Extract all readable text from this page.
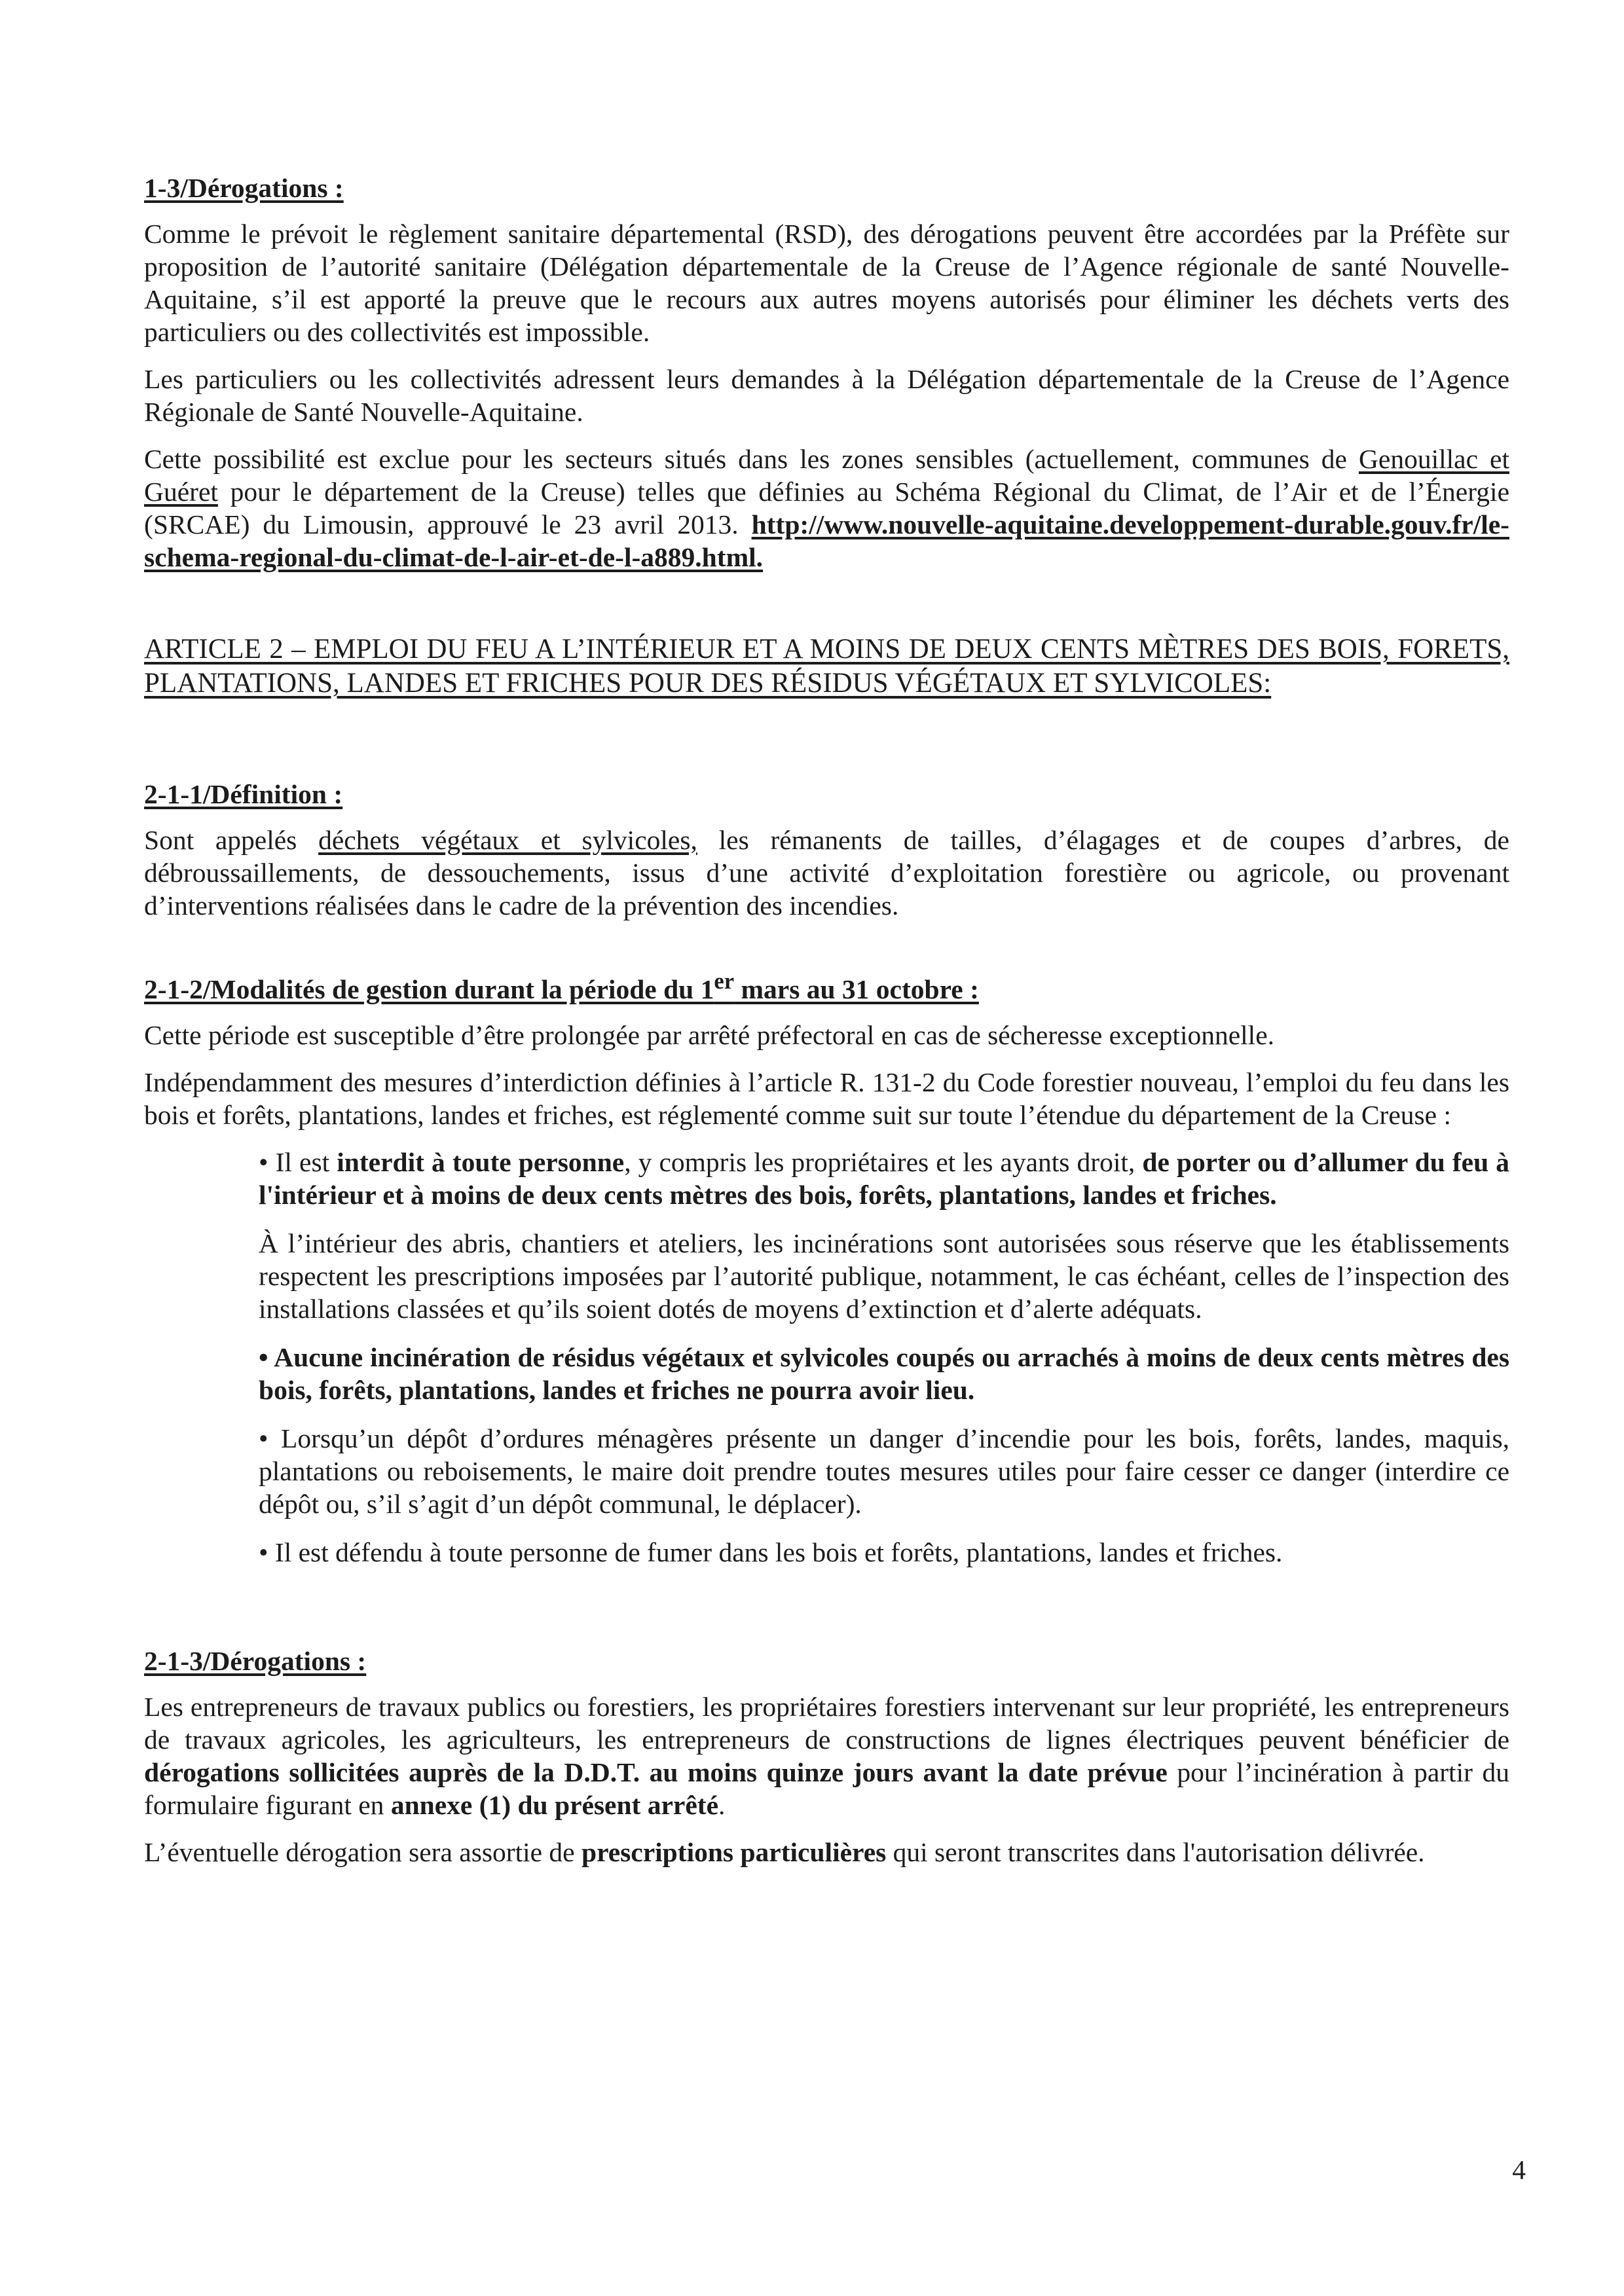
1-3/Dérogations :

Comme le prévoit le règlement sanitaire départemental (RSD), des dérogations peuvent être accordées par la Préfète sur proposition de l’autorité sanitaire (Délégation départementale de la Creuse de l’Agence régionale de santé Nouvelle-Aquitaine, s’il est apporté la preuve que le recours aux autres moyens autorisés pour éliminer les déchets verts des particuliers ou des collectivités est impossible.

Les particuliers ou les collectivités adressent leurs demandes à la Délégation départementale de la Creuse de l’Agence Régionale de Santé Nouvelle-Aquitaine.

Cette possibilité est exclue pour les secteurs situés dans les zones sensibles (actuellement, communes de Genouillac et Guéret pour le département de la Creuse) telles que définies au Schéma Régional du Climat, de l’Air et de l’Énergie (SRCAE) du Limousin, approuvé le 23 avril 2013. http://www.nouvelle-aquitaine.developpement-durable.gouv.fr/le-schema-regional-du-climat-de-l-air-et-de-l-a889.html.

ARTICLE 2 – EMPLOI DU FEU A L’INTÉRIEUR ET A MOINS DE DEUX CENTS MÈTRES DES BOIS, FORETS, PLANTATIONS, LANDES ET FRICHES POUR DES RÉSIDUS VÉGÉTAUX ET SYLVICOLES:
2-1-1/Définition :

Sont appelés déchets végétaux et sylvicoles, les rémanents de tailles, d’élagages et de coupes d’arbres, de débroussaillements, de dessouchements, issus d’une activité d’exploitation forestière ou agricole, ou provenant d’interventions réalisées dans le cadre de la prévention des incendies.

2-1-2/Modalités de gestion durant la période du 1er mars au 31 octobre :

Cette période est susceptible d’être prolongée par arrêté préfectoral en cas de sécheresse exceptionnelle.

Indépendamment des mesures d’interdiction définies à l’article R. 131-2 du Code forestier nouveau, l’emploi du feu dans les bois et forêts, plantations, landes et friches, est réglementé comme suit sur toute l’étendue du département de la Creuse :

• Il est interdit à toute personne, y compris les propriétaires et les ayants droit, de porter ou d’allumer du feu à l'intérieur et à moins de deux cents mètres des bois, forêts, plantations, landes et friches.

À l’intérieur des abris, chantiers et ateliers, les incinérations sont autorisées sous réserve que les établissements respectent les prescriptions imposées par l’autorité publique, notamment, le cas échéant, celles de l’inspection des installations classées et qu’ils soient dotés de moyens d’extinction et d’alerte adéquats.

• Aucune incinération de résidus végétaux et sylvicoles coupés ou arrachés à moins de deux cents mètres des bois, forêts, plantations, landes et friches ne pourra avoir lieu.

• Lorsqu’un dépôt d’ordures ménagères présente un danger d’incendie pour les bois, forêts, landes, maquis, plantations ou reboisements, le maire doit prendre toutes mesures utiles pour faire cesser ce danger (interdire ce dépôt ou, s’il s’agit d’un dépôt communal, le déplacer).

• Il est défendu à toute personne de fumer dans les bois et forêts, plantations, landes et friches.

2-1-3/Dérogations :

Les entrepreneurs de travaux publics ou forestiers, les propriétaires forestiers intervenant sur leur propriété, les entrepreneurs de travaux agricoles, les agriculteurs, les entrepreneurs de constructions de lignes électriques peuvent bénéficier de dérogations sollicitées auprès de la D.D.T. au moins quinze jours avant la date prévue pour l’incinération à partir du formulaire figurant en annexe (1) du présent arrêté.

L’éventuelle dérogation sera assortie de prescriptions particulières qui seront transcrites dans l'autorisation délivrée.

4
